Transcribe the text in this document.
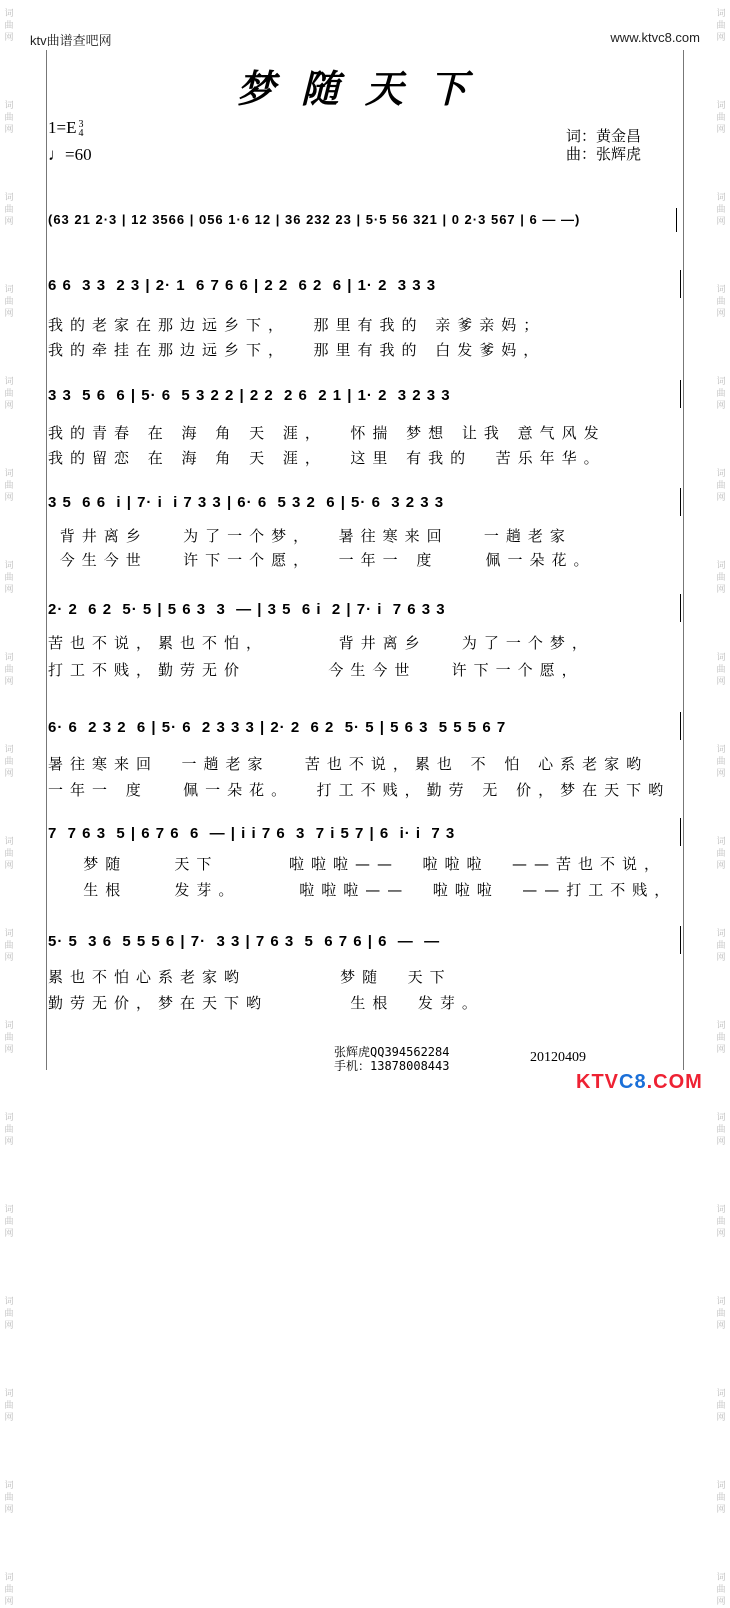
词曲网
词曲网
词曲网
词曲网
词曲网
词曲网
词曲网
词曲网
词曲网
词曲网
词曲网
词曲网
词曲网
词曲网
词曲网
词曲网
词曲网
词曲网
词曲网
词曲网
词曲网
词曲网
词曲网
词曲网
词曲网
词曲网
词曲网
词曲网
词曲网
词曲网
词曲网
词曲网
词曲网
词曲网
词曲网
词曲网
ktv曲谱查吧网	www.ktvc8.com
梦随天下
1=E 3
4
♩=60
词：黄金昌
曲：张辉虎
(63 21 2·3 | 12 3566 | 056 1·6 12 | 36 232 23 | 5·5 56 321 | 0 2·3 567 | 6 — —)
6 6  3 3  2 3 | 2· 1  6 7 6 6 | 2 2  6 2  6 | 1· 2  3 3 3
我的老家在那边远乡下，  那里有我的 亲爹亲妈；
我的牵挂在那边远乡下，  那里有我的 白发爹妈，
3 3  5 6  6 | 5· 6  5 3 2 2 | 2 2  2 6  2 1 | 1· 2  3 2 3 3
我的青春 在 海 角 天 涯，  怀揣 梦想 让我 意气风发
我的留恋 在 海 角 天 涯，  这里 有我的  苦乐年华。
3 5  6 6  i | 7· i  i 7 3 3 | 6· 6  5 3 2  6 | 5· 6  3 2 3 3
背井离乡   为了一个梦，  暑往寒来回   一趟老家
今生今世   许下一个愿，  一年一 度    佩一朵花。
2· 2  6 2  5· 5 | 5 6 3  3  — | 3 5  6 i  2 | 7· i  7 6 3 3
苦也不说，累也不怕，      背井离乡   为了一个梦，
打工不贱，勤劳无价       今生今世   许下一个愿，
6· 6  2 3 2  6 | 5· 6  2 3 3 3 | 2· 2  6 2  5· 5 | 5 6 3  5 5 5 6 7
暑往寒来回  一趟老家   苦也不说，累也 不 怕 心系老家哟
一年一 度   佩一朵花。  打工不贱，勤劳 无 价，梦在天下哟
7  7 6 3  5 | 6 7 6  6  — | i i 7 6  3  7 i 5 7 | 6  i· i  7 3
梦随    天下      啦啦啦——  啦啦啦  ——苦也不说，
生根    发芽。     啦啦啦——  啦啦啦  ——打工不贱，
5· 5  3 6  5 5 5 6 | 7·  3 3 | 7 6 3  5  6 7 6 | 6  —  —
累也不怕心系老家哟        梦随  天下
勤劳无价，梦在天下哟       生根  发芽。
张辉虎QQ394562284
手机：13878008443
20120409
KTVC8.COM
